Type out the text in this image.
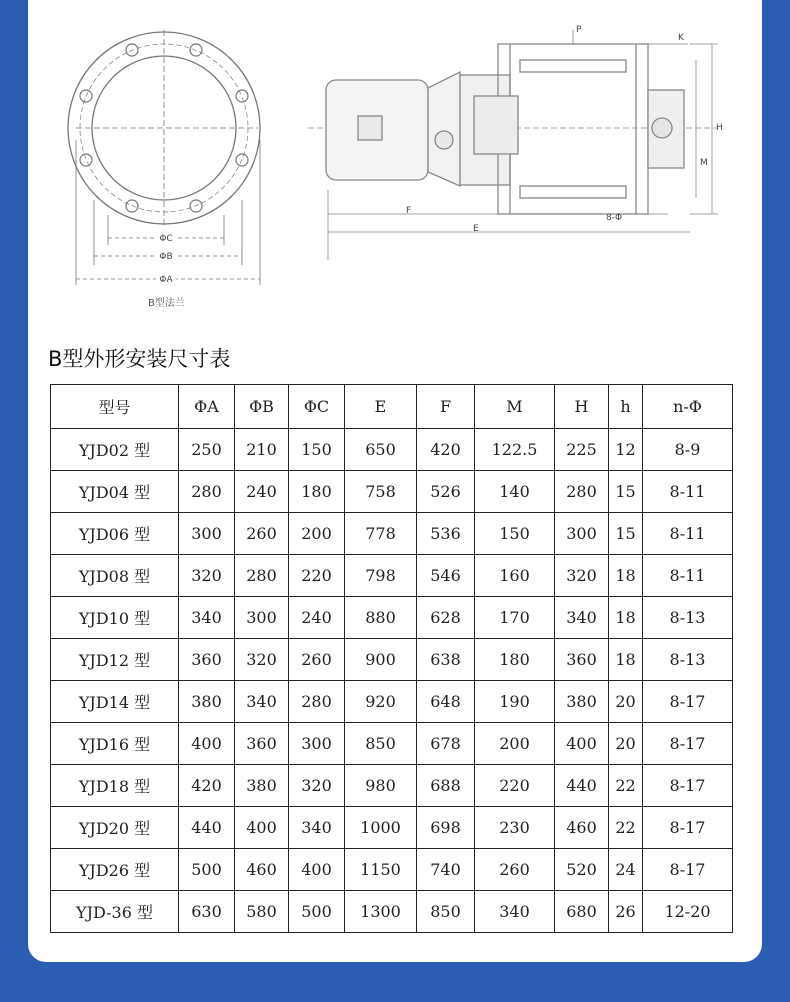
ΦC
ΦB
ΦA
P
K
H
M
F
E
8-Φ
B型法兰
B型外形安装尺寸表
型号	ΦA	ΦB	ΦC	E	F	M	H	h	n-Φ
YJD02 型	250	210	150	650	420	122.5	225	12	8-9
YJD04 型	280	240	180	758	526	140	280	15	8-11
YJD06 型	300	260	200	778	536	150	300	15	8-11
YJD08 型	320	280	220	798	546	160	320	18	8-11
YJD10 型	340	300	240	880	628	170	340	18	8-13
YJD12 型	360	320	260	900	638	180	360	18	8-13
YJD14 型	380	340	280	920	648	190	380	20	8-17
YJD16 型	400	360	300	850	678	200	400	20	8-17
YJD18 型	420	380	320	980	688	220	440	22	8-17
YJD20 型	440	400	340	1000	698	230	460	22	8-17
YJD26 型	500	460	400	1150	740	260	520	24	8-17
YJD-36 型	630	580	500	1300	850	340	680	26	12-20
